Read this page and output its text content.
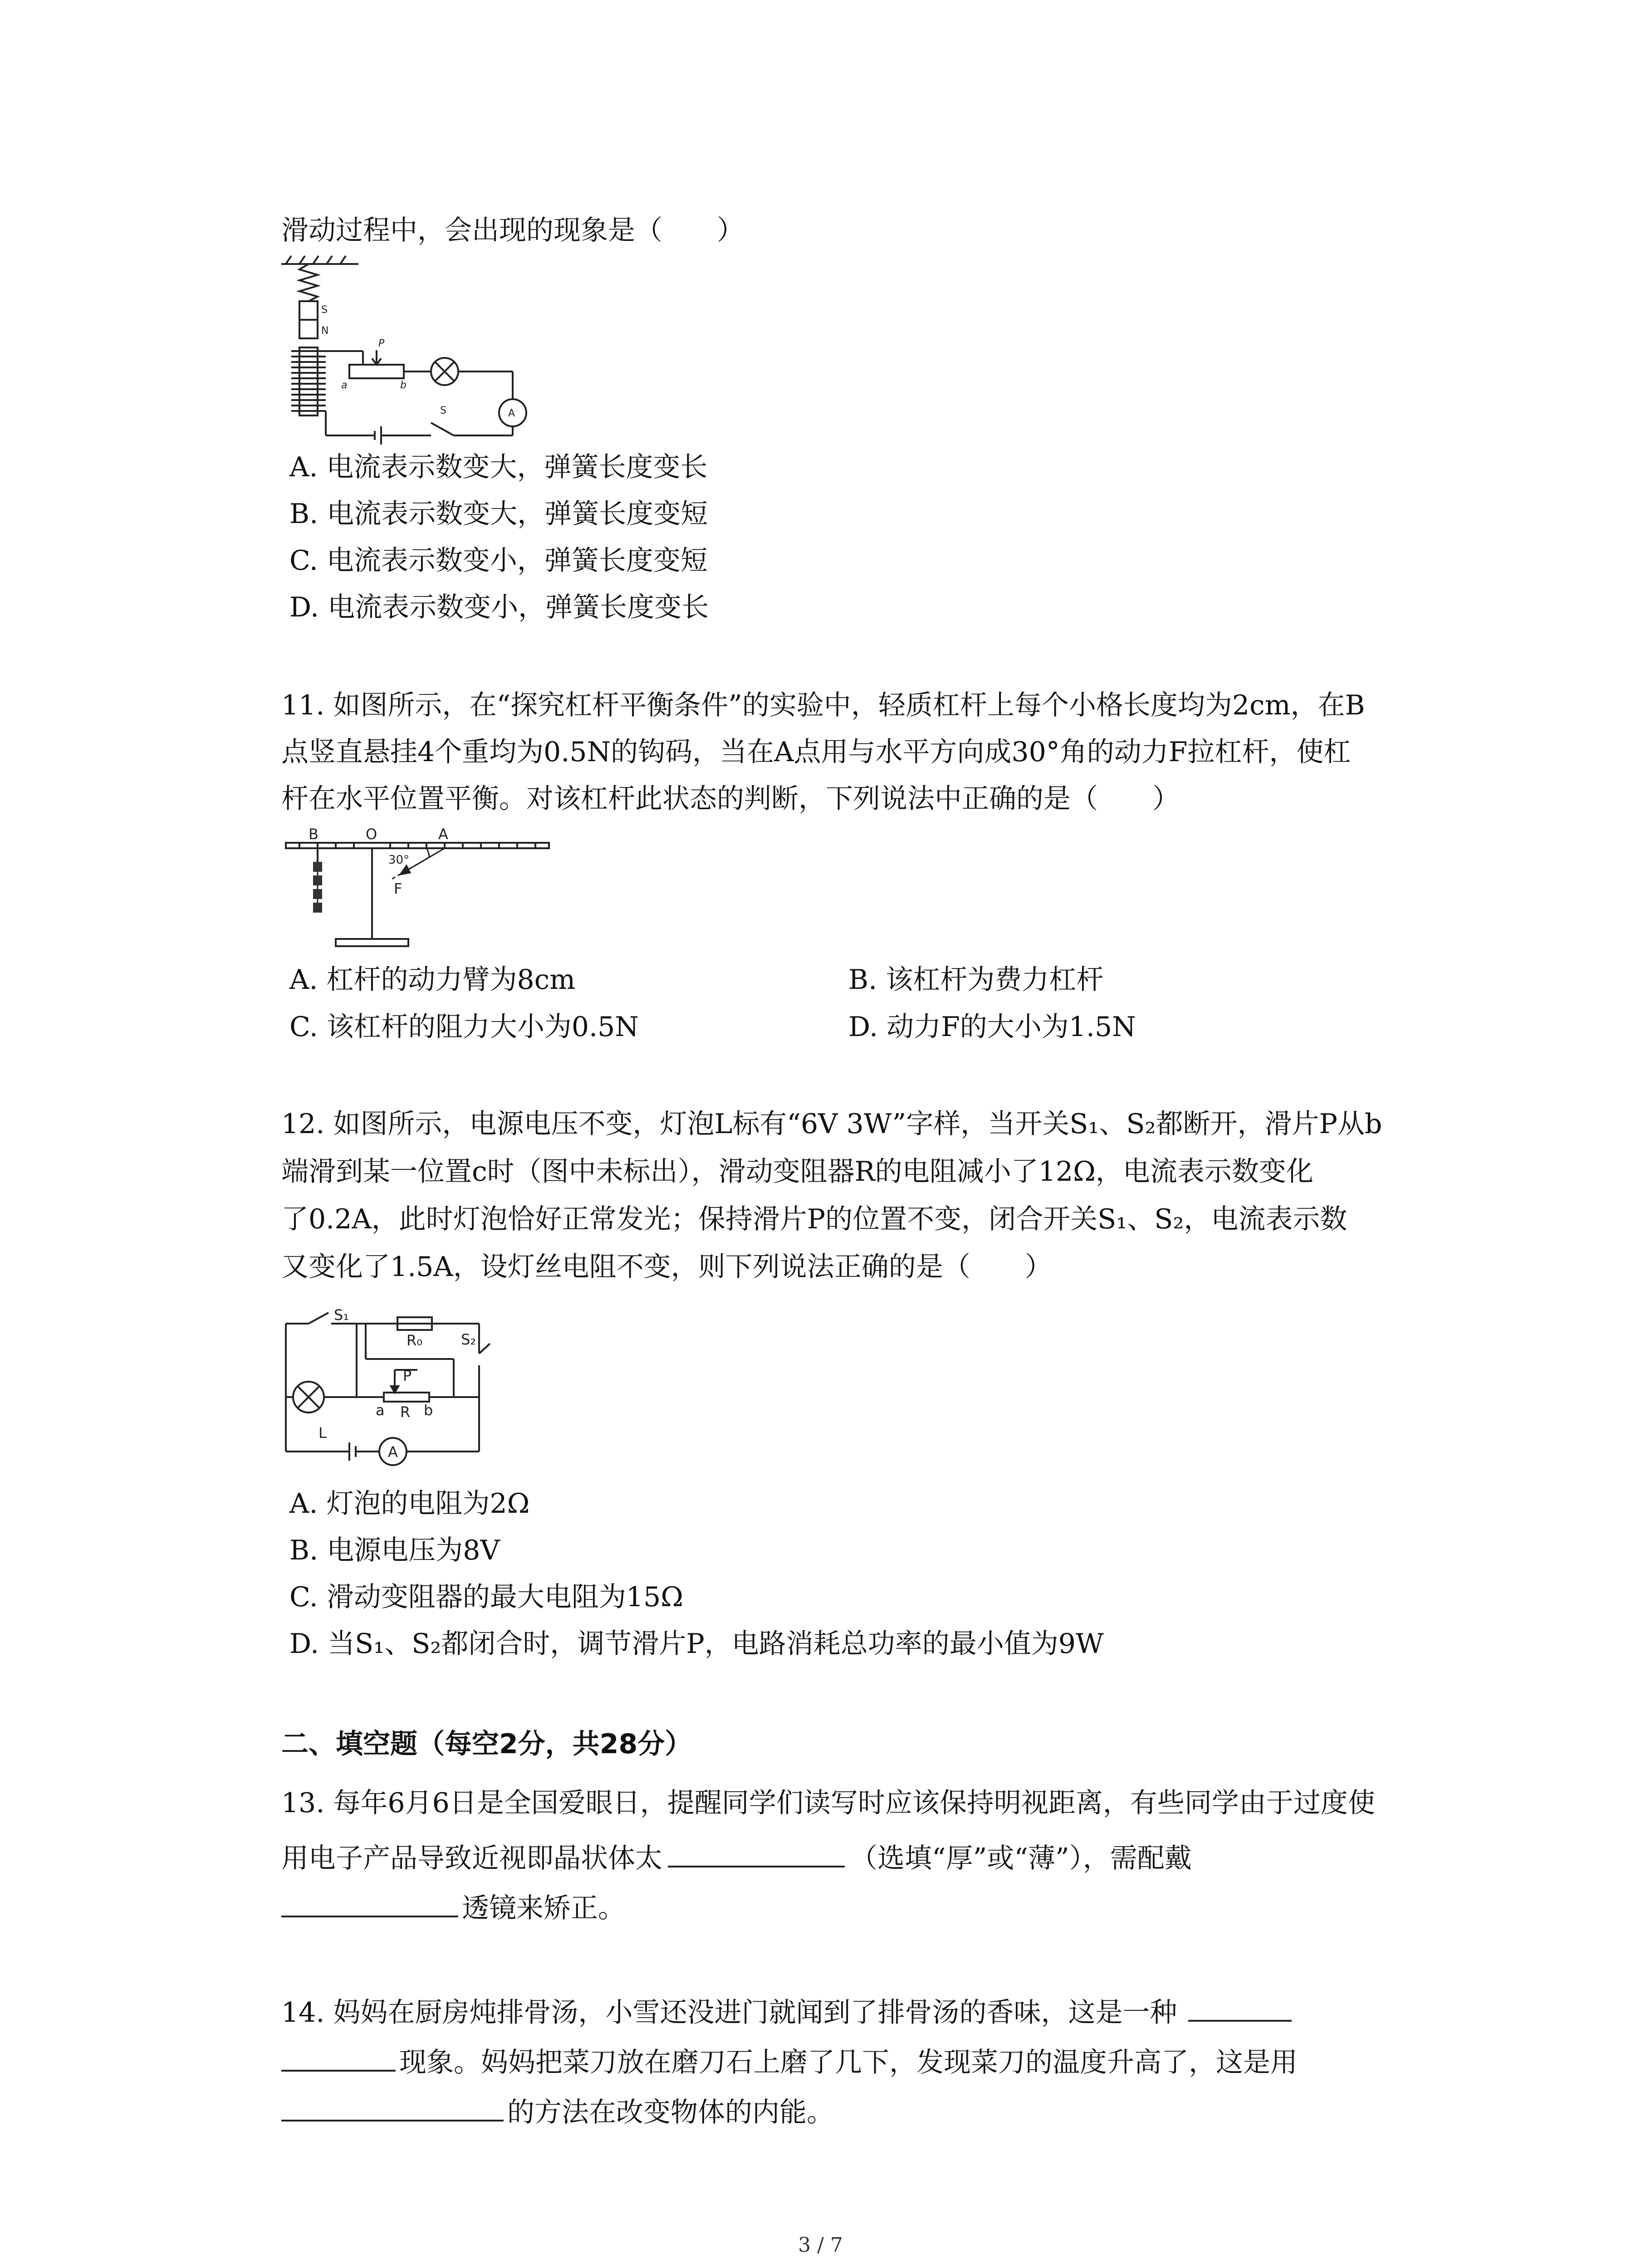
滑动过程中，会出现的现象是（　　）
S
N
P
a	b
S	A
A. 电流表示数变大，弹簧长度变长
B. 电流表示数变大，弹簧长度变短
C. 电流表示数变小，弹簧长度变短
D. 电流表示数变小，弹簧长度变长
11. 如图所示，在“探究杠杆平衡条件”的实验中，轻质杠杆上每个小格长度均为2cm，在B
点竖直悬挂4个重均为0.5N的钩码，当在A点用与水平方向成30°角的动力F拉杠杆，使杠
杆在水平位置平衡。对该杠杆此状态的判断，下列说法中正确的是（　　）
B	O	A
30°
F
A. 杠杆的动力臂为8cm	B. 该杠杆为费力杠杆
C. 该杠杆的阻力大小为0.5N	D. 动力F的大小为1.5N
12. 如图所示，电源电压不变，灯泡L标有“6V 3W”字样，当开关S₁、S₂都断开，滑片P从b
端滑到某一位置c时（图中未标出），滑动变阻器R的电阻减小了12Ω，电流表示数变化
了0.2A，此时灯泡恰好正常发光；保持滑片P的位置不变，闭合开关S₁、S₂，电流表示数
又变化了1.5A，设灯丝电阻不变，则下列说法正确的是（　　）
S₁
R₀	S₂
P
a R b
L
A
A. 灯泡的电阻为2Ω
B. 电源电压为8V
C. 滑动变阻器的最大电阻为15Ω
D. 当S₁、S₂都闭合时，调节滑片P，电路消耗总功率的最小值为9W
二、填空题（每空2分，共28分）
13. 每年6月6日是全国爱眼日，提醒同学们读写时应该保持明视距离，有些同学由于过度使
用电子产品导致近视即晶状体太	（选填“厚”或“薄”），需配戴
透镜来矫正。
14. 妈妈在厨房炖排骨汤，小雪还没进门就闻到了排骨汤的香味，这是一种
现象。妈妈把菜刀放在磨刀石上磨了几下，发现菜刀的温度升高了，这是用
的方法在改变物体的内能。
3 / 7
